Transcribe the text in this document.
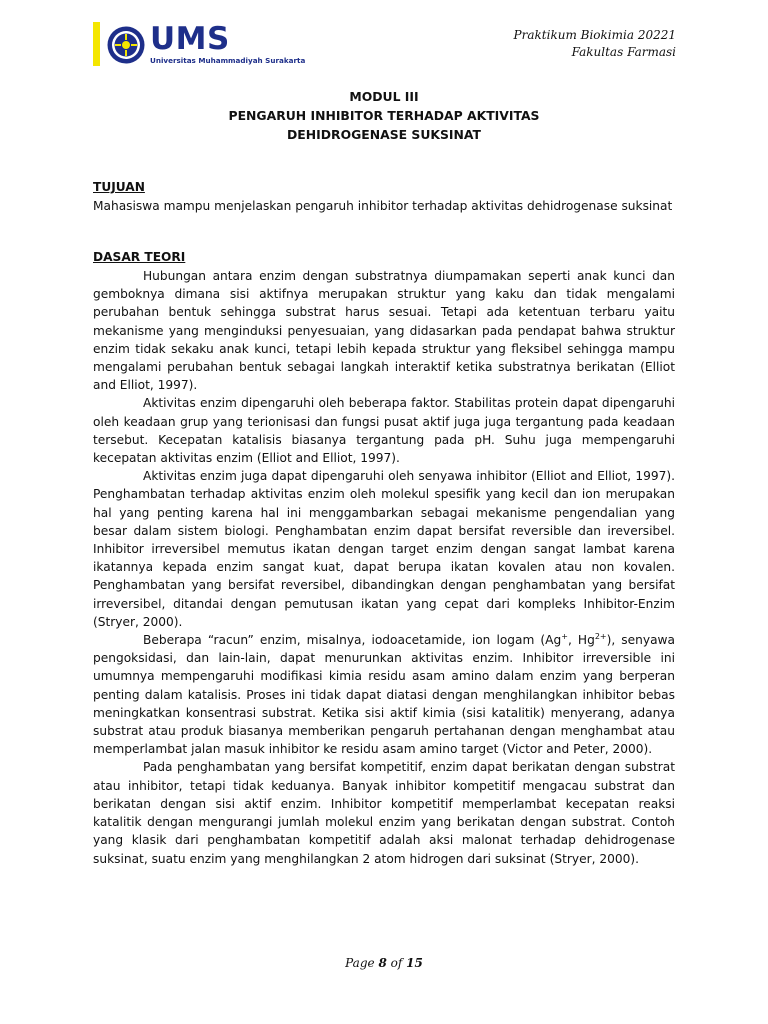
UMS
Universitas Muhammadiyah Surakarta
Praktikum Biokimia 20221
Fakultas Farmasi
MODUL III
PENGARUH INHIBITOR TERHADAP AKTIVITAS
DEHIDROGENASE SUKSINAT
TUJUAN
Mahasiswa mampu menjelaskan pengaruh inhibitor terhadap aktivitas dehidrogenase suksinat
DASAR TEORI

Hubungan antara enzim dengan substratnya diumpamakan seperti anak kunci dan gemboknya dimana sisi aktifnya merupakan struktur yang kaku dan tidak mengalami perubahan bentuk sehingga substrat harus sesuai. Tetapi ada ketentuan terbaru yaitu mekanisme yang menginduksi penyesuaian, yang didasarkan pada pendapat bahwa struktur enzim tidak sekaku anak kunci, tetapi lebih kepada struktur yang fleksibel sehingga mampu mengalami perubahan bentuk sebagai langkah interaktif ketika substratnya berikatan (Elliot and Elliot, 1997).

Aktivitas enzim dipengaruhi oleh beberapa faktor. Stabilitas protein dapat dipengaruhi oleh keadaan grup yang terionisasi dan fungsi pusat aktif juga juga tergantung pada keadaan tersebut. Kecepatan katalisis biasanya tergantung pada pH. Suhu juga mempengaruhi kecepatan aktivitas enzim (Elliot and Elliot, 1997).

Aktivitas enzim juga dapat dipengaruhi oleh senyawa inhibitor (Elliot and Elliot, 1997). Penghambatan terhadap aktivitas enzim oleh molekul spesifik yang kecil dan ion merupakan hal yang penting karena hal ini menggambarkan sebagai mekanisme pengendalian yang besar dalam sistem biologi. Penghambatan enzim dapat bersifat reversible dan ireversibel. Inhibitor irreversibel memutus ikatan dengan target enzim dengan sangat lambat karena ikatannya kepada enzim sangat kuat, dapat berupa ikatan kovalen atau non kovalen. Penghambatan yang bersifat reversibel, dibandingkan dengan penghambatan yang bersifat irreversibel, ditandai dengan pemutusan ikatan yang cepat dari kompleks Inhibitor-Enzim (Stryer, 2000).

Beberapa “racun” enzim, misalnya, iodoacetamide, ion logam (Ag+, $Hg^{2+}$), senyawa pengoksidasi, dan lain-lain, dapat menurunkan aktivitas enzim. Inhibitor irreversible ini umumnya mempengaruhi modifikasi kimia residu asam amino dalam enzim yang berperan penting dalam katalisis. Proses ini tidak dapat diatasi dengan menghilangkan inhibitor bebas meningkatkan konsentrasi substrat. Ketika sisi aktif kimia (sisi katalitik) menyerang, adanya substrat atau produk biasanya memberikan pengaruh pertahanan dengan menghambat atau memperlambat jalan masuk inhibitor ke residu asam amino target (Victor and Peter, 2000).

Pada penghambatan yang bersifat kompetitif, enzim dapat berikatan dengan substrat atau inhibitor, tetapi tidak keduanya. Banyak inhibitor kompetitif mengacau substrat dan berikatan dengan sisi aktif enzim. Inhibitor kompetitif memperlambat kecepatan reaksi katalitik dengan mengurangi jumlah molekul enzim yang berikatan dengan substrat. Contoh yang klasik dari penghambatan kompetitif adalah aksi malonat terhadap dehidrogenase suksinat, suatu enzim yang menghilangkan 2 atom hidrogen dari suksinat (Stryer, 2000).

Page 8 of 15
